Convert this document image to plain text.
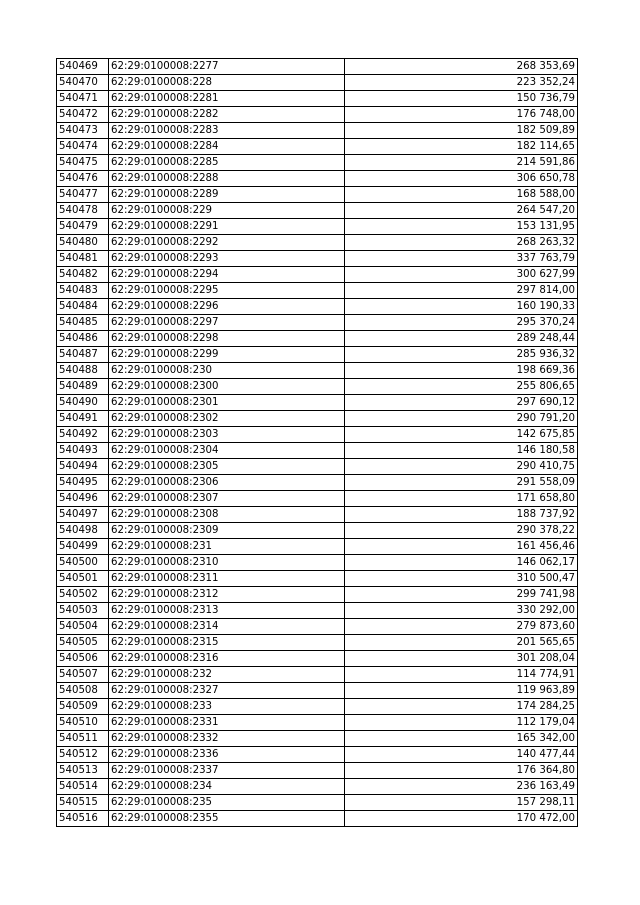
540469	62:29:0100008:2277	268 353,69
540470	62:29:0100008:228	223 352,24
540471	62:29:0100008:2281	150 736,79
540472	62:29:0100008:2282	176 748,00
540473	62:29:0100008:2283	182 509,89
540474	62:29:0100008:2284	182 114,65
540475	62:29:0100008:2285	214 591,86
540476	62:29:0100008:2288	306 650,78
540477	62:29:0100008:2289	168 588,00
540478	62:29:0100008:229	264 547,20
540479	62:29:0100008:2291	153 131,95
540480	62:29:0100008:2292	268 263,32
540481	62:29:0100008:2293	337 763,79
540482	62:29:0100008:2294	300 627,99
540483	62:29:0100008:2295	297 814,00
540484	62:29:0100008:2296	160 190,33
540485	62:29:0100008:2297	295 370,24
540486	62:29:0100008:2298	289 248,44
540487	62:29:0100008:2299	285 936,32
540488	62:29:0100008:230	198 669,36
540489	62:29:0100008:2300	255 806,65
540490	62:29:0100008:2301	297 690,12
540491	62:29:0100008:2302	290 791,20
540492	62:29:0100008:2303	142 675,85
540493	62:29:0100008:2304	146 180,58
540494	62:29:0100008:2305	290 410,75
540495	62:29:0100008:2306	291 558,09
540496	62:29:0100008:2307	171 658,80
540497	62:29:0100008:2308	188 737,92
540498	62:29:0100008:2309	290 378,22
540499	62:29:0100008:231	161 456,46
540500	62:29:0100008:2310	146 062,17
540501	62:29:0100008:2311	310 500,47
540502	62:29:0100008:2312	299 741,98
540503	62:29:0100008:2313	330 292,00
540504	62:29:0100008:2314	279 873,60
540505	62:29:0100008:2315	201 565,65
540506	62:29:0100008:2316	301 208,04
540507	62:29:0100008:232	114 774,91
540508	62:29:0100008:2327	119 963,89
540509	62:29:0100008:233	174 284,25
540510	62:29:0100008:2331	112 179,04
540511	62:29:0100008:2332	165 342,00
540512	62:29:0100008:2336	140 477,44
540513	62:29:0100008:2337	176 364,80
540514	62:29:0100008:234	236 163,49
540515	62:29:0100008:235	157 298,11
540516	62:29:0100008:2355	170 472,00
